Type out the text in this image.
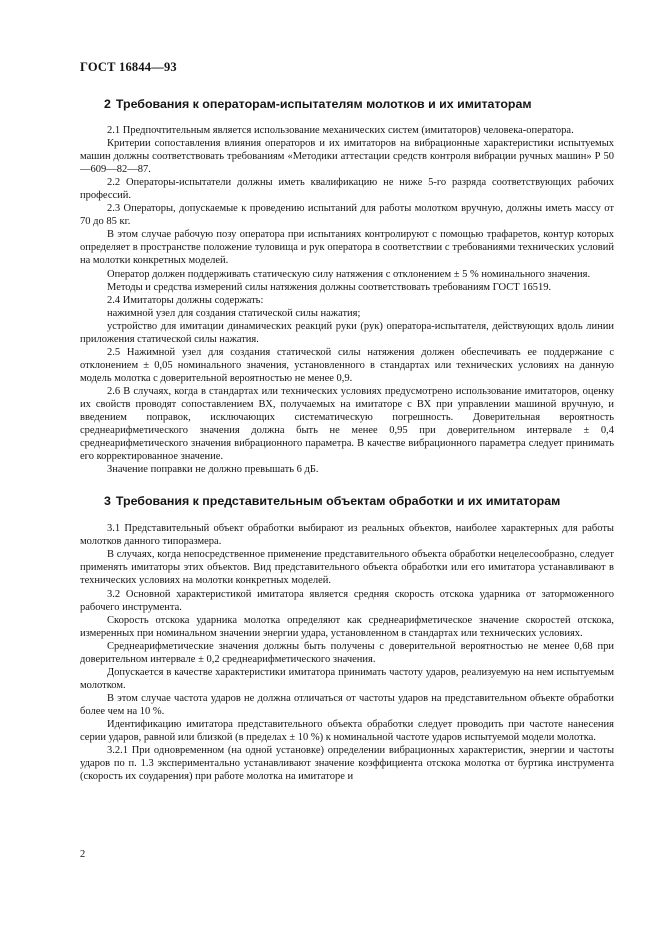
ГОСТ 16844—93
2 Требования к операторам-испытателям молотков и их имитаторам

2.1 Предпочтительным является использование механических систем (имитаторов) человека-оператора.

Критерии сопоставления влияния операторов и их имитаторов на вибрационные характеристики испытуемых машин должны соответствовать требованиям «Методики аттестации средств контроля вибрации ручных машин» Р 50—609—82—87.

2.2 Операторы-испытатели должны иметь квалификацию не ниже 5-го разряда соответствующих рабочих профессий.

2.3 Операторы, допускаемые к проведению испытаний для работы молотком вручную, должны иметь массу от 70 до 85 кг.

В этом случае рабочую позу оператора при испытаниях контролируют с помощью трафаретов, контур которых определяет в пространстве положение туловища и рук оператора в соответствии с требованиями технических условий на молотки конкретных моделей.

Оператор должен поддерживать статическую силу натяжения с отклонением ± 5 % номинального значения.

Методы и средства измерений силы натяжения должны соответствовать требованиям ГОСТ 16519.

2.4 Имитаторы должны содержать:

нажимной узел для создания статической силы нажатия;

устройство для имитации динамических реакций руки (рук) оператора-испытателя, действующих вдоль линии приложения статической силы нажатия.

2.5 Нажимной узел для создания статической силы натяжения должен обеспечивать ее поддержание с отклонением ± 0,05 номинального значения, установленного в стандартах или технических условиях на данную модель молотка с доверительной вероятностью не менее 0,9.

2.6 В случаях, когда в стандартах или технических условиях предусмотрено использование имитаторов, оценку их свойств проводят сопоставлением ВХ, получаемых на имитаторе с ВХ при управлении машиной вручную, и введением поправок, исключающих систематическую погрешность. Доверительная вероятность среднеарифметического значения должна быть не менее 0,95 при доверительном интервале ± 0,4 среднеарифметического значения вибрационного параметра. В качестве вибрационного параметра следует принимать его корректированное значение.

Значение поправки не должно превышать 6 дБ.

3 Требования к представительным объектам обработки и их имитаторам

3.1 Представительный объект обработки выбирают из реальных объектов, наиболее характерных для работы молотков данного типоразмера.

В случаях, когда непосредственное применение представительного объекта обработки нецелесообразно, следует применять имитаторы этих объектов. Вид представительного объекта обработки или его имитатора устанавливают в технических условиях на молотки конкретных моделей.

3.2 Основной характеристикой имитатора является средняя скорость отскока ударника от заторможенного рабочего инструмента.

Скорость отскока ударника молотка определяют как среднеарифметическое значение скоростей отскока, измеренных при номинальном значении энергии удара, установленном в стандартах или технических условиях.

Среднеарифметические значения должны быть получены с доверительной вероятностью не менее 0,68 при доверительном интервале ± 0,2 среднеарифметического значения.

Допускается в качестве характеристики имитатора принимать частоту ударов, реализуемую на нем испытуемым молотком.

В этом случае частота ударов не должна отличаться от частоты ударов на представительном объекте обработки более чем на 10 %.

Идентификацию имитатора представительного объекта обработки следует проводить при частоте нанесения серии ударов, равной или близкой (в пределах ± 10 %) к номинальной частоте ударов испытуемой модели молотка.

3.2.1 При одновременном (на одной установке) определении вибрационных характеристик, энергии и частоты ударов по п. 1.3 экспериментально устанавливают значение коэффициента отскока молотка от буртика инструмента (скорость их соударения) при работе молотка на имитаторе и

2
